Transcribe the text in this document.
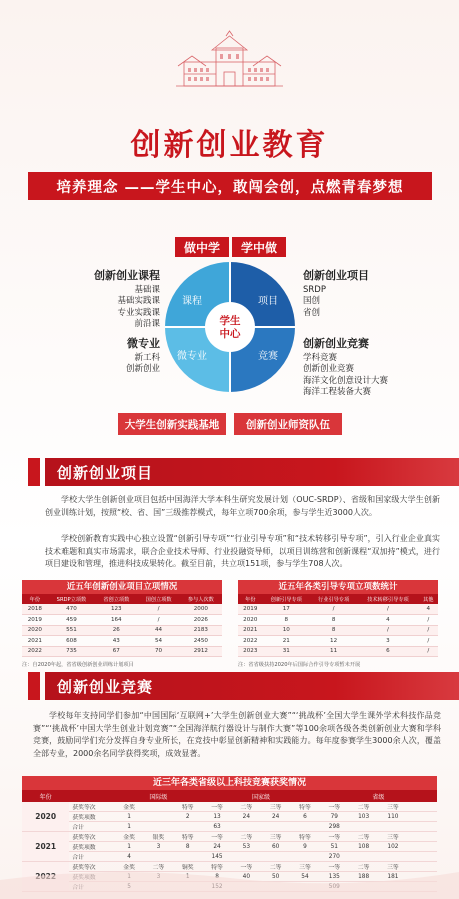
创新创业教育
培养理念 ——学生中心，敢闯会创，点燃青春梦想
做中学	学中做
学生
中心
课程	项目
微专业	竞赛
创新创业课程
基础课
基础实践课
专业实践课
前沿课
微专业
新工科
创新创业
创新创业项目
SRDP
国创
省创
创新创业竞赛
学科竞赛
创新创业竞赛
海洋文化创意设计大赛
海洋工程装备大赛
大学生创新实践基地	创新创业师资队伍
创新创业项目
学校大学生创新创业项目包括中国海洋大学本科生研究发展计划（OUC-SRDP）、省级和国家级大学生创新创业训练计划，按照“校、省、国”三级推荐模式，每年立项700余项，参与学生近3000人次。
学校创新教育实践中心独立设置“创新引导专项”“行业引导专项”和“技术转移引导专项”，引入行业企业真实技术难题和真实市场需求，联合企业技术导师、行业投融资导师，以项目训练营和创新课程“双加持”模式，进行项目建设和管理，推进科技成果转化。截至目前，共立项151项，参与学生708人次。
近五年创新创业项目立项情况
年份	SRDP立项数	省创立项数	国创立项数	参与人次数
2018	470	123	/	2000
2019	459	164	/	2026
2020	551	26	44	2183
2021	608	43	54	2450
2022	735	67	70	2912
注：自2020年起，省省级创新创业训练计划项目
近五年各类引导专项立项数统计
年份	创新引导专项	行业引导专项	技术转移引导专项	其他
2019	17	/	/	4
2020	8	8	4	/
2021	10	8	/	/
2022	21	12	3	/
2023	31	11	6	/
注：省省级扶持2020年后国际合作引导专项暂未开展
创新创业竞赛
学校每年支持同学们参加“中国国际‘互联网+’大学生创新创业大赛”“‘挑战杯’全国大学生课外学术科技作品竞赛”“‘挑战杯’中国大学生创业计划竞赛”“全国海洋航行器设计与制作大赛”等100余项各级各类创新创业大赛和学科竞赛，鼓励同学们充分发挥自身专业所长，在竞技中彰显创新精神和实践能力。每年度参赛学生3000余人次，覆盖全部专业，2000余名同学获得奖项，成效显著。
近三年各类省级以上科技竞赛获奖情况
年份		国际级			国家级				省级			
2020	获奖等次	金奖		特等	一等	二等	三等	特等	一等	二等	三等	
	获奖项数	1		2	13	24	24	6	79	103	110	
	合计	1			63				298			
2021	获奖等次	金奖	银奖	特等	一等	二等	三等	特等	一等	二等	三等	
	获奖项数	1	3	8	24	53	60	9	51	108	102	
	合计	4			145				270			
	获奖等次	金奖	二等	铜奖	特等	一等	二等	三等	一等	二等	三等	
				8	40	50	54	135	188	181	
